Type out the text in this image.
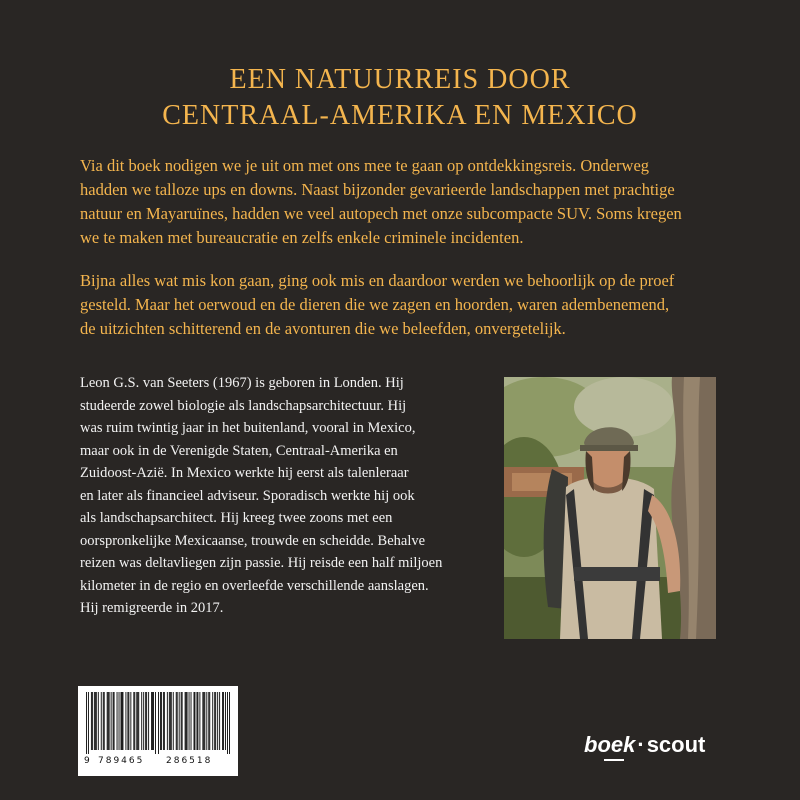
EEN NATUURREIS DOOR
CENTRAAL-AMERIKA EN MEXICO

Via dit boek nodigen we je uit om met ons mee te gaan op ontdekkingsreis. Onderweg
hadden we talloze ups en downs. Naast bijzonder gevarieerde landschappen met prachtige
natuur en Mayaruïnes, hadden we veel autopech met onze subcompacte SUV. Soms kregen
we te maken met bureaucratie en zelfs enkele criminele incidenten.

Bijna alles wat mis kon gaan, ging ook mis en daardoor werden we behoorlijk op de proef
gesteld. Maar het oerwoud en de dieren die we zagen en hoorden, waren adembenemend,
de uitzichten schitterend en de avonturen die we beleefden, onvergetelijk.

Leon G.S. van Seeters (1967) is geboren in Londen. Hij
studeerde zowel biologie als landschapsarchitectuur. Hij
was ruim twintig jaar in het buitenland, vooral in Mexico,
maar ook in de Verenigde Staten, Centraal-Amerika en
Zuidoost-Azië. In Mexico werkte hij eerst als talenleraar
en later als financieel adviseur. Sporadisch werkte hij ook
als landschapsarchitect. Hij kreeg twee zoons met een
oorspronkelijke Mexicaanse, trouwde en scheidde. Behalve
reizen was deltavliegen zijn passie. Hij reisde een half miljoen
kilometer in de regio en overleefde verschillende aanslagen.
Hij remigreerde in 2017.

9 789465 286518
boek·scout
